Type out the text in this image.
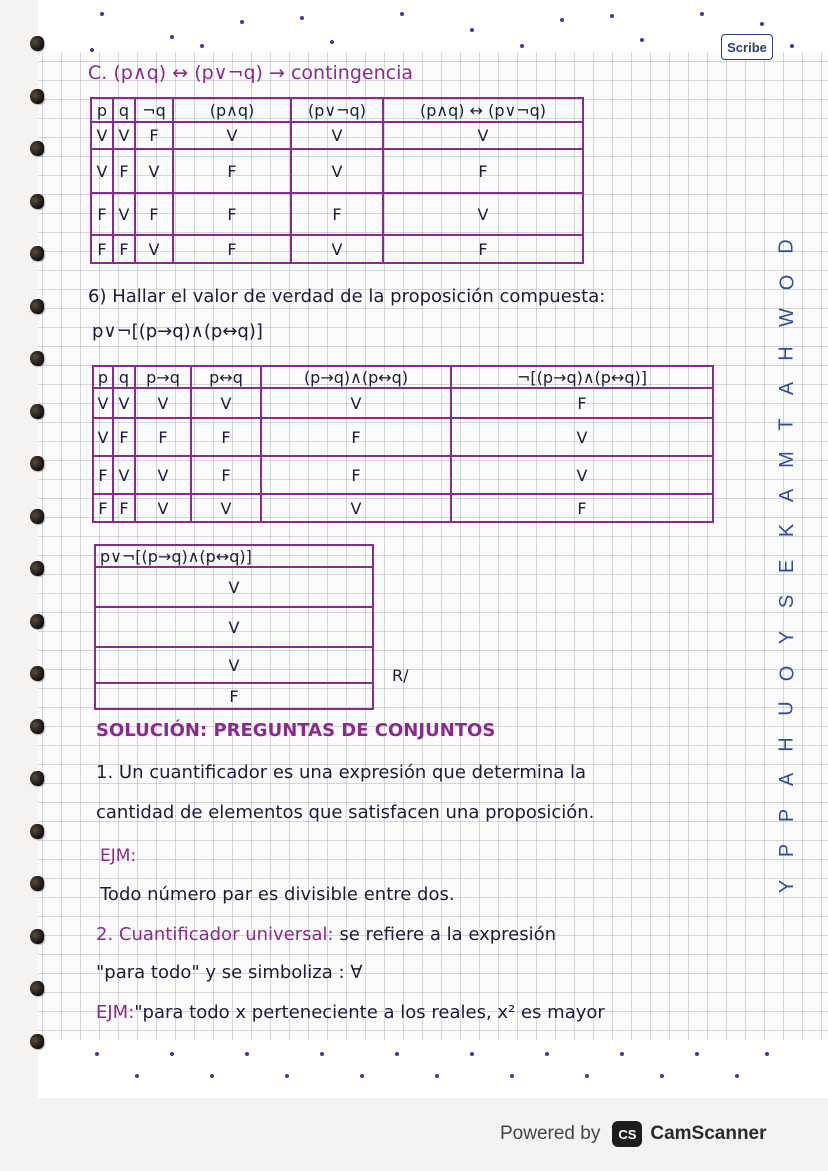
Scribe
D
O
W
H
A
T
M
A
K
E
S
Y
O
U
H
A
P
P
Y
C. (p∧q) ↔ (p∨¬q) → contingencia
p	q	¬q	(p∧q)	(p∨¬q)	(p∧q) ↔ (p∨¬q)
V	V	F	V	V	V
V	F	V	F	V	F
F	V	F	F	F	V
F	F	V	F	V	F
6) Hallar el valor de verdad de la proposición compuesta:
p∨¬[(p→q)∧(p↔q)]
p	q	p→q	p↔q	(p→q)∧(p↔q)	¬[(p→q)∧(p↔q)]
V	V	V	V	V	F
V	F	F	F	F	V
F	V	V	F	F	V
F	F	V	V	V	F
p∨¬[(p→q)∧(p↔q)]
V
V
V
F
R/
SOLUCIÓN: PREGUNTAS DE CONJUNTOS
1. Un cuantificador es una expresión que determina la
cantidad de elementos que satisfacen una proposición.
EJM:
Todo número par es divisible entre dos.
2. Cuantificador universal: se refiere a la expresión
"para todo" y se simboliza : ∀
EJM:"para todo x perteneciente a los reales, x² es mayor
Powered by	CS CamScanner
